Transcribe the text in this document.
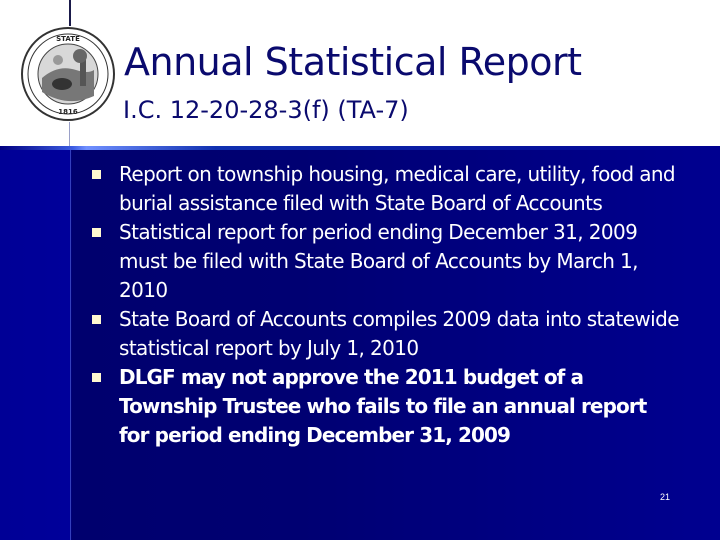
STATE
1816
Annual Statistical Report
I.C. 12-20-28-3(f) (TA-7)
Report on township housing, medical care, utility, food and burial assistance filed with State Board of Accounts
Statistical report for period ending December 31, 2009 must be filed with State Board of Accounts by March 1, 2010
State Board of Accounts compiles 2009 data into statewide statistical report by July 1, 2010
DLGF may not approve the 2011 budget of a Township Trustee who fails to file an annual report for period ending December 31, 2009
21
